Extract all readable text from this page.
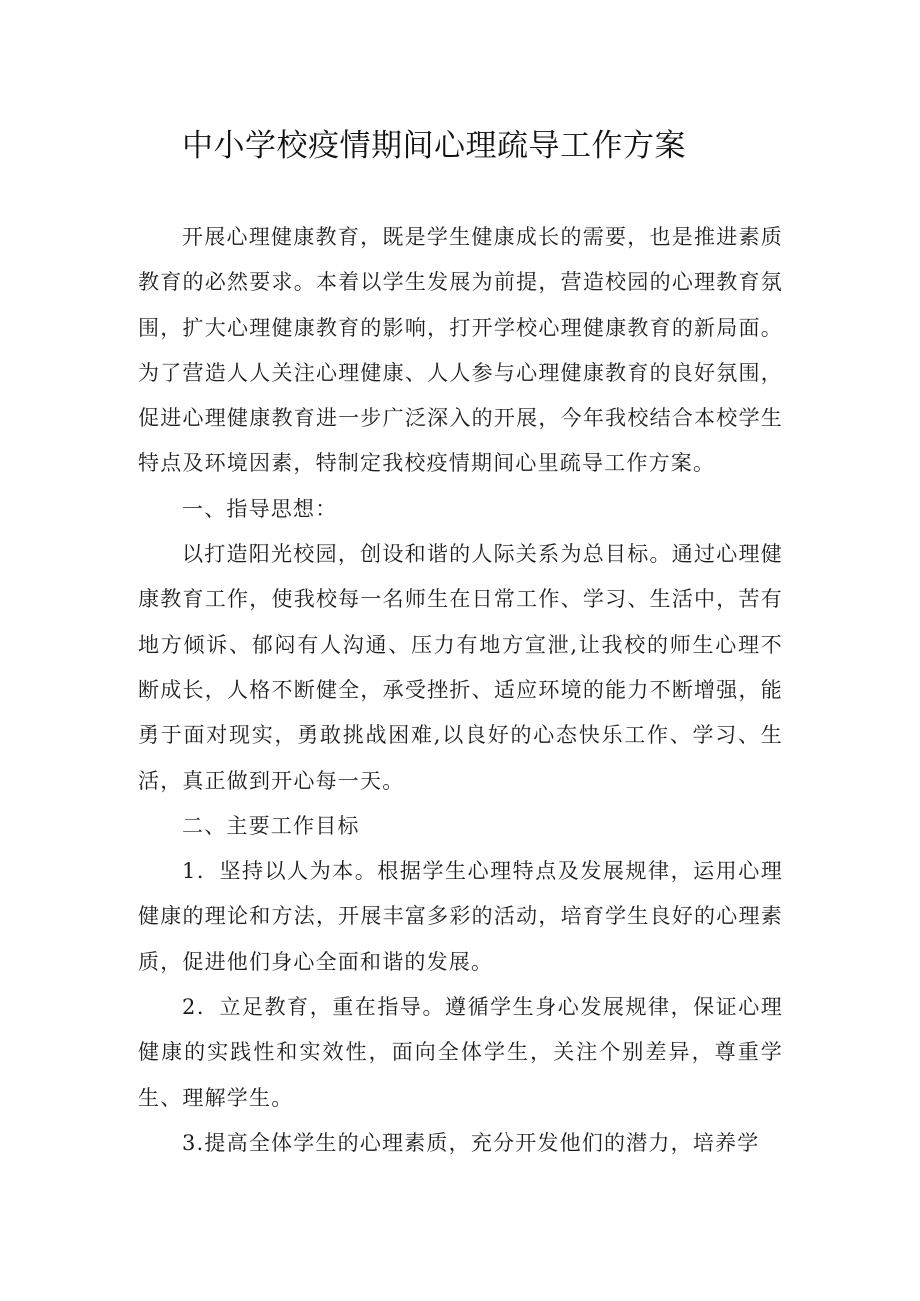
中小学校疫情期间心理疏导工作方案

开展心理健康教育，既是学生健康成长的需要，也是推进素质教育的必然要求。本着以学生发展为前提，营造校园的心理教育氛围，扩大心理健康教育的影响，打开学校心理健康教育的新局面。为了营造人人关注心理健康、人人参与心理健康教育的良好氛围，促进心理健康教育进一步广泛深入的开展，今年我校结合本校学生特点及环境因素，特制定我校疫情期间心里疏导工作方案。

一、指导思想：

以打造阳光校园，创设和谐的人际关系为总目标。通过心理健康教育工作，使我校每一名师生在日常工作、学习、生活中，苦有地方倾诉、郁闷有人沟通、压力有地方宣泄,让我校的师生心理不断成长，人格不断健全，承受挫折、适应环境的能力不断增强，能勇于面对现实，勇敢挑战困难,以良好的心态快乐工作、学习、生活，真正做到开心每一天。

二、主要工作目标

1．坚持以人为本。根据学生心理特点及发展规律，运用心理健康的理论和方法，开展丰富多彩的活动，培育学生良好的心理素质，促进他们身心全面和谐的发展。

2．立足教育，重在指导。遵循学生身心发展规律，保证心理健康的实践性和实效性，面向全体学生，关注个别差异，尊重学生、理解学生。

3.提高全体学生的心理素质，充分开发他们的潜力，培养学
